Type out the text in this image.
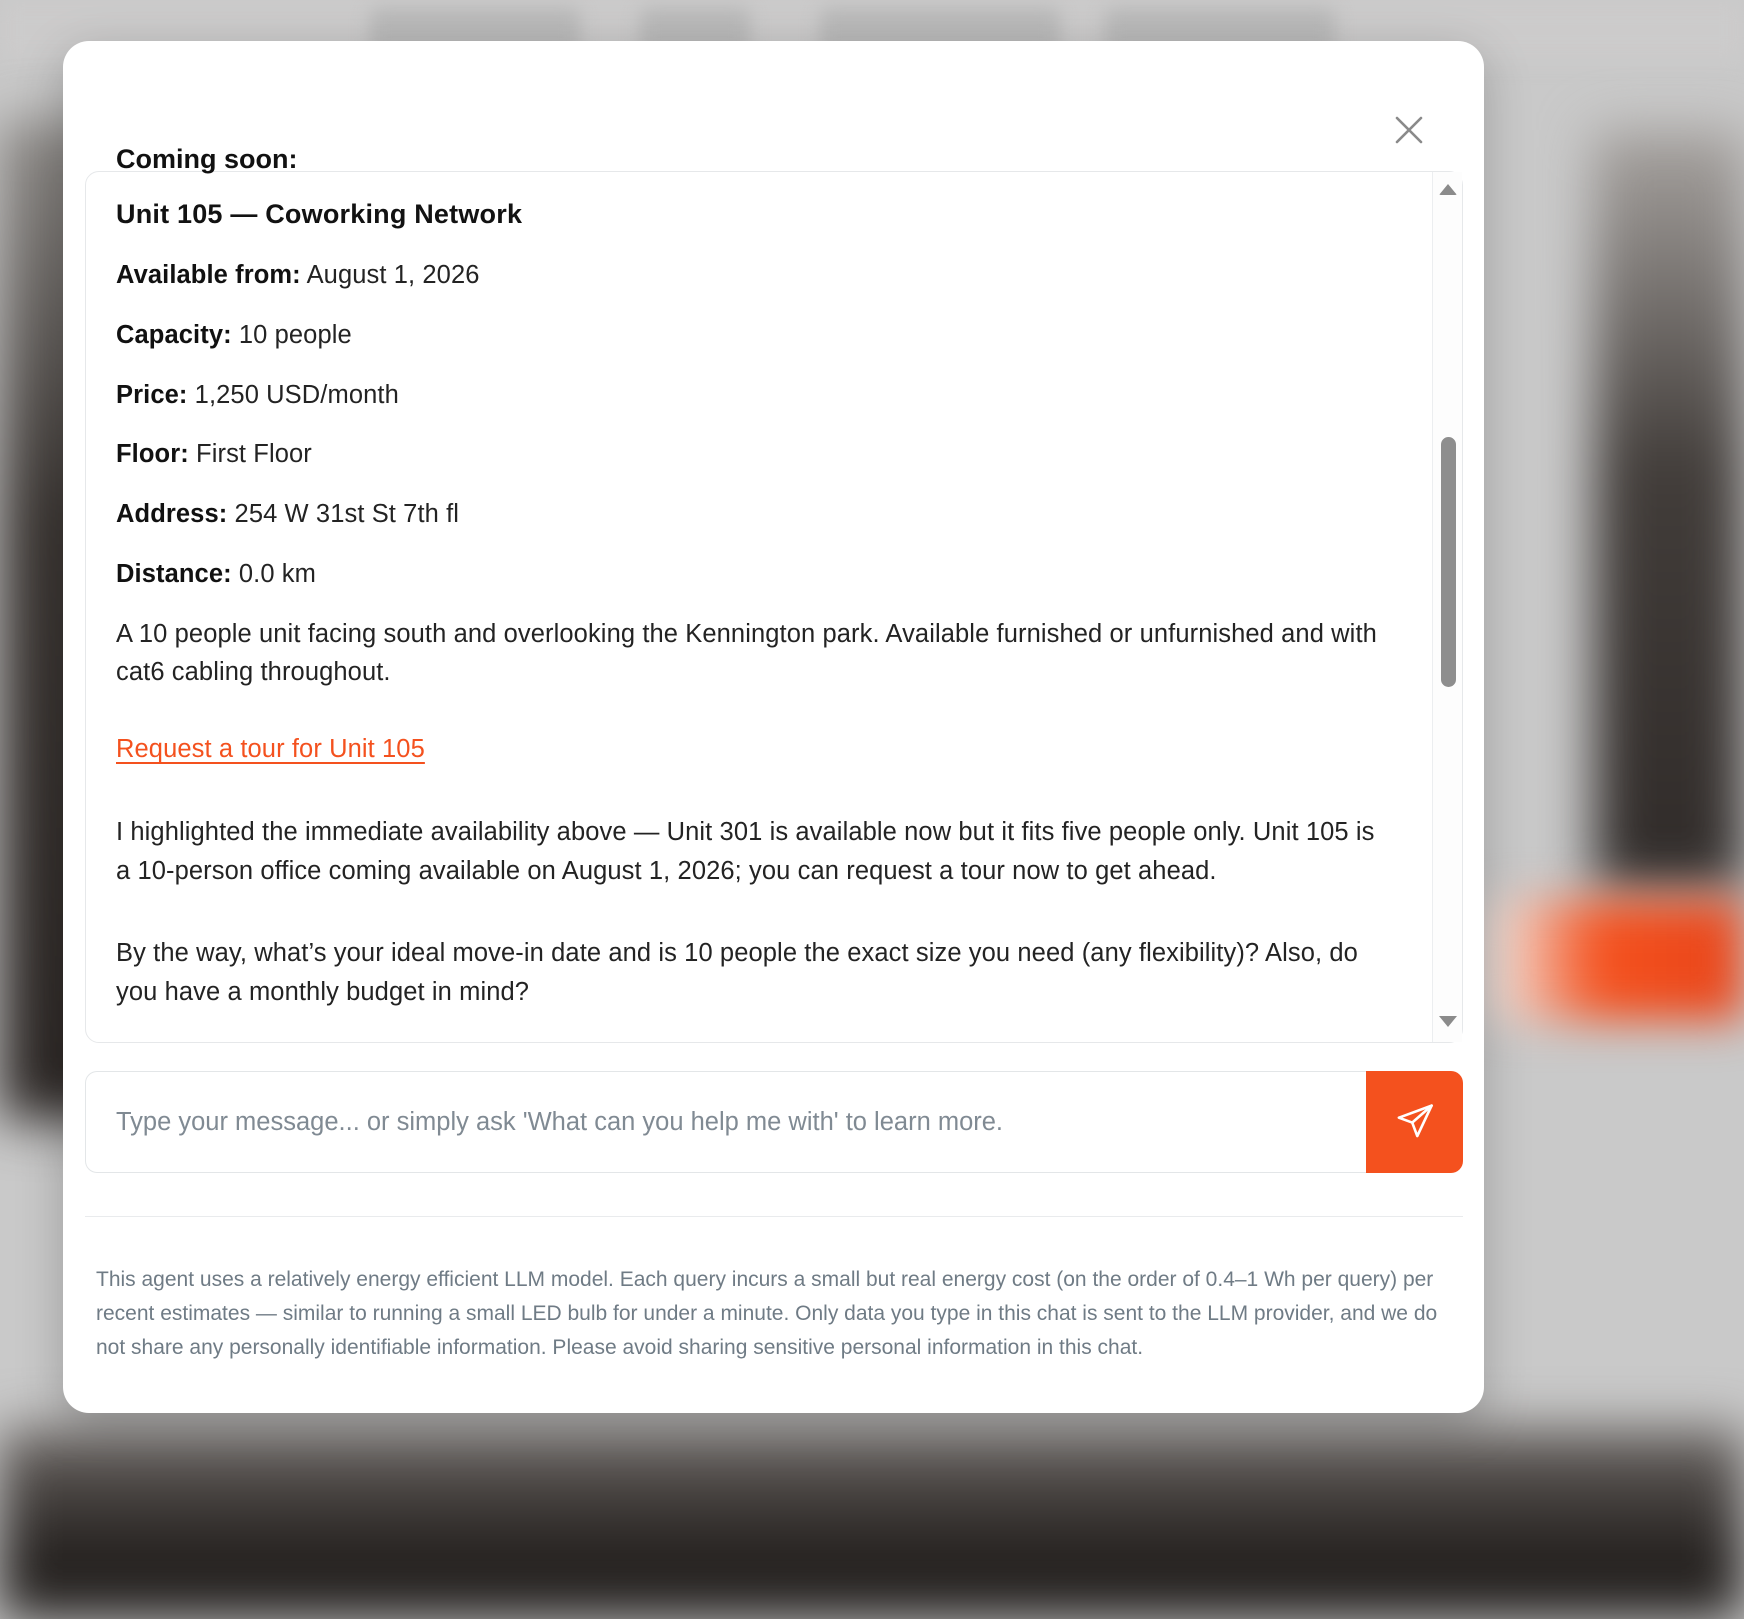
Coming soon:

Unit 105 — Coworking Network

Available from: August 1, 2026

Capacity: 10 people

Price: 1,250 USD/month

Floor: First Floor

Address: 254 W 31st St 7th fl

Distance: 0.0 km

A 10 people unit facing south and overlooking the Kennington park. Available furnished or unfurnished and with cat6 cabling throughout.

Request a tour for Unit 105

I highlighted the immediate availability above — Unit 301 is available now but it fits five people only. Unit 105 is a 10-person office coming available on August 1, 2026; you can request a tour now to get ahead.

By the way, what’s your ideal move-in date and is 10 people the exact size you need (any flexibility)? Also, do you have a monthly budget in mind?

Type your message... or simply ask 'What can you help me with' to learn more.
This agent uses a relatively energy efficient LLM model. Each query incurs a small but real energy cost (on the order of 0.4–1 Wh per query) per recent estimates — similar to running a small LED bulb for under a minute. Only data you type in this chat is sent to the LLM provider, and we do not share any personally identifiable information. Please avoid sharing sensitive personal information in this chat.
